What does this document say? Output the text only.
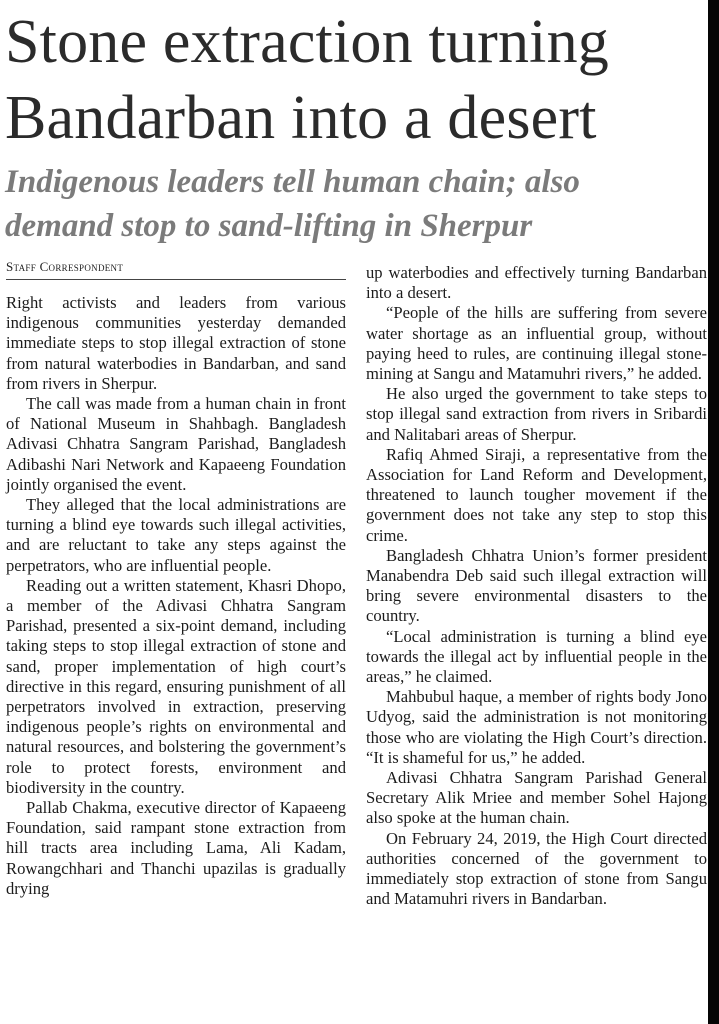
Stone extraction turning
Bandarban into a desert
Indigenous leaders tell human chain; also
demand stop to sand-lifting in Sherpur
Staff Correspondent

Right activists and leaders from various indigenous communities yesterday demanded immediate steps to stop illegal extraction of stone from natural waterbodies in Bandarban, and sand from rivers in Sherpur.

The call was made from a human chain in front of National Museum in Shahbagh. Bangladesh Adivasi Chhatra Sangram Parishad, Bangladesh Adibashi Nari Network and Kapaeeng Foundation jointly organised the event.

They alleged that the local administrations are turning a blind eye towards such illegal activities, and are reluctant to take any steps against the perpetrators, who are influential people.

Reading out a written statement, Khasri Dhopo, a member of the Adivasi Chhatra Sangram Parishad, presented a six-point demand, including taking steps to stop illegal extraction of stone and sand, proper implementation of high court’s directive in this regard, ensuring punishment of all perpetrators involved in extraction, preserving indigenous people’s rights on environmental and natural resources, and bolstering the government’s role to protect forests, environment and biodiversity in the country.

Pallab Chakma, executive director of Kapaeeng Foundation, said rampant stone extraction from hill tracts area including Lama, Ali Kadam, Rowangchhari and Thanchi upazilas is gradually drying

up waterbodies and effectively turning Bandarban into a desert.

“People of the hills are suffering from severe water shortage as an influential group, without paying heed to rules, are continuing illegal stone-mining at Sangu and Matamuhri rivers,” he added.

He also urged the government to take steps to stop illegal sand extraction from rivers in Sribardi and Nalitabari areas of Sherpur.

Rafiq Ahmed Siraji, a representative from the Association for Land Reform and Development, threatened to launch tougher movement if the government does not take any step to stop this crime.

Bangladesh Chhatra Union’s former president Manabendra Deb said such illegal extraction will bring severe environmental disasters to the country.

“Local administration is turning a blind eye towards the illegal act by influential people in the areas,” he claimed.

Mahbubul haque, a member of rights body Jono Udyog, said the administration is not monitoring those who are violating the High Court’s direction. “It is shameful for us,” he added.

Adivasi Chhatra Sangram Parishad General Secretary Alik Mriee and member Sohel Hajong also spoke at the human chain.

On February 24, 2019, the High Court directed authorities concerned of the government to immediately stop extraction of stone from Sangu and Matamuhri rivers in Bandarban.
